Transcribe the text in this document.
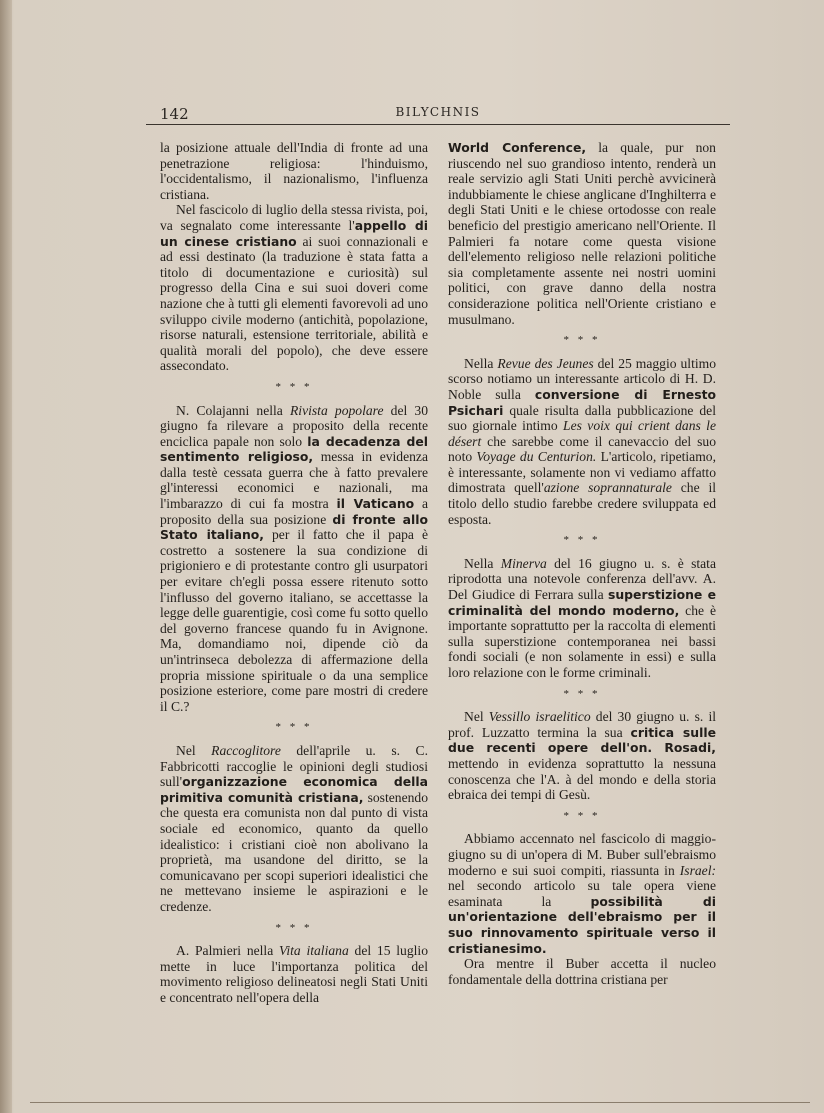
142	BILYCHNIS

la posizione attuale dell'India di fronte ad una penetrazione religiosa: l'hinduismo, l'occidentalismo, il nazionalismo, l'influenza cristiana.

Nel fascicolo di luglio della stessa rivista, poi, va segnalato come interessante l'appello di un cinese cristiano ai suoi connazionali e ad essi destinato (la traduzione è stata fatta a titolo di documentazione e curiosità) sul progresso della Cina e sui suoi doveri come nazione che à tutti gli elementi favorevoli ad uno sviluppo civile moderno (antichità, popolazione, risorse naturali, estensione territoriale, abilità e qualità morali del popolo), che deve essere assecondato.

* * *

N. Colajanni nella Rivista popolare del 30 giugno fa rilevare a proposito della recente enciclica papale non solo la decadenza del sentimento religioso, messa in evidenza dalla testè cessata guerra che à fatto prevalere gl'interessi economici e nazionali, ma l'imbarazzo di cui fa mostra il Vaticano a proposito della sua posizione di fronte allo Stato italiano, per il fatto che il papa è costretto a sostenere la sua condizione di prigioniero e di protestante contro gli usurpatori per evitare ch'egli possa essere ritenuto sotto l'influsso del governo italiano, se accettasse la legge delle guarentigie, così come fu sotto quello del governo francese quando fu in Avignone. Ma, domandiamo noi, dipende ciò da un'intrinseca debolezza di affermazione della propria missione spirituale o da una semplice posizione esteriore, come pare mostri di credere il C.?

* * *

Nel Raccoglitore dell'aprile u. s. C. Fabbricotti raccoglie le opinioni degli studiosi sull'organizzazione economica della primitiva comunità cristiana, sostenendo che questa era comunista non dal punto di vista sociale ed economico, quanto da quello idealistico: i cristiani cioè non abolivano la proprietà, ma usandone del diritto, se la comunicavano per scopi superiori idealistici che ne mettevano insieme le aspirazioni e le credenze.

* * *

A. Palmieri nella Vita italiana del 15 luglio mette in luce l'importanza politica del movimento religioso delineatosi negli Stati Uniti e concentrato nell'opera della

World Conference, la quale, pur non riuscendo nel suo grandioso intento, renderà un reale servizio agli Stati Uniti perchè avvicinerà indubbiamente le chiese anglicane d'Inghilterra e degli Stati Uniti e le chiese ortodosse con reale beneficio del prestigio americano nell'Oriente. Il Palmieri fa notare come questa visione dell'elemento religioso nelle relazioni politiche sia completamente assente nei nostri uomini politici, con grave danno della nostra considerazione politica nell'Oriente cristiano e musulmano.

* * *

Nella Revue des Jeunes del 25 maggio ultimo scorso notiamo un interessante articolo di H. D. Noble sulla conversione di Ernesto Psichari quale risulta dalla pubblicazione del suo giornale intimo Les voix qui crient dans le désert che sarebbe come il canevaccio del suo noto Voyage du Centurion. L'articolo, ripetiamo, è interessante, solamente non vi vediamo affatto dimostrata quell'azione soprannaturale che il titolo dello studio farebbe credere sviluppata ed esposta.

* * *

Nella Minerva del 16 giugno u. s. è stata riprodotta una notevole conferenza dell'avv. A. Del Giudice di Ferrara sulla superstizione e criminalità del mondo moderno, che è importante soprattutto per la raccolta di elementi sulla superstizione contemporanea nei bassi fondi sociali (e non solamente in essi) e sulla loro relazione con le forme criminali.

* * *

Nel Vessillo israelitico del 30 giugno u. s. il prof. Luzzatto termina la sua critica sulle due recenti opere dell'on. Rosadi, mettendo in evidenza soprattutto la nessuna conoscenza che l'A. à del mondo e della storia ebraica dei tempi di Gesù.

* * *

Abbiamo accennato nel fascicolo di maggio-giugno su di un'opera di M. Buber sull'ebraismo moderno e sui suoi compiti, riassunta in Israel: nel secondo articolo su tale opera viene esaminata la possibilità di un'orientazione dell'ebraismo per il suo rinnovamento spirituale verso il cristianesimo.

Ora mentre il Buber accetta il nucleo fondamentale della dottrina cristiana per
